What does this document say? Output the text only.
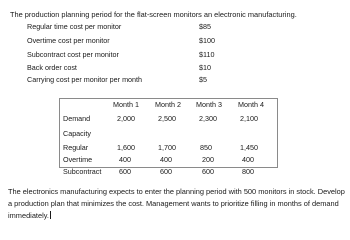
The production planning period for the flat-screen monitors an electronic manufacturing.
Regular time cost per monitor	$85
Overtime cost per monitor	$100
Subcontract cost per monitor	$110
Back order cost	$10
Carrying cost per monitor per month	$5
Month 1 Month 2 Month 3 Month 4
Demand	2,000	2,500	2,300	2,100
Capacity
Regular	1,600	1,700	850	1,450
Overtime	400	400	200	400
Subcontract 600	600	600	800
The electronics manufacturing expects to enter the planning period with 500 monitors in stock. Develop a production plan that minimizes the cost. Management wants to prioritize filling in months of demand immediately.
